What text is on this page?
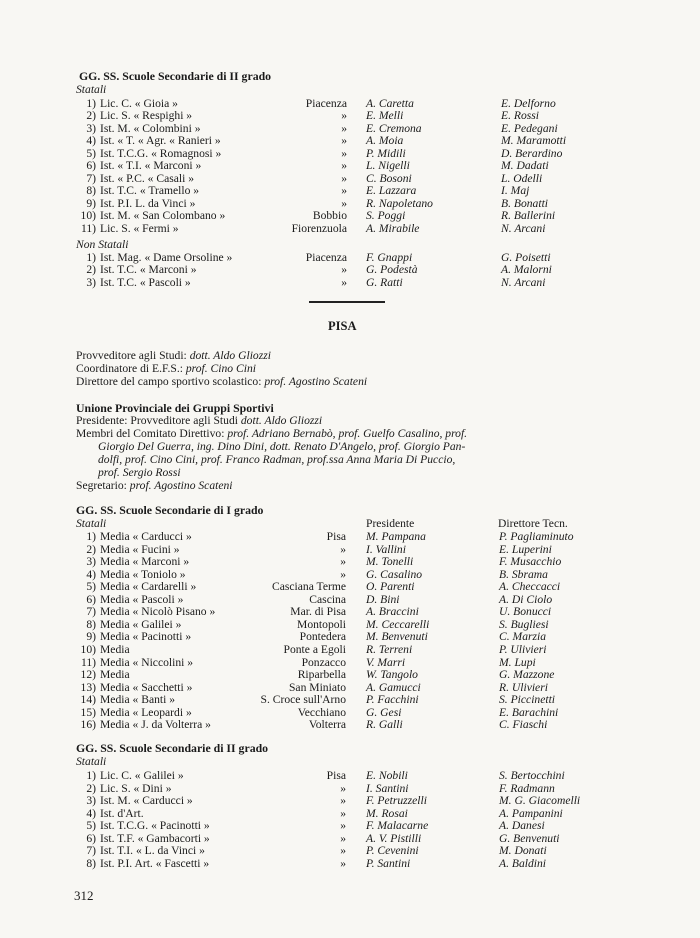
GG. SS. Scuole Secondarie di II grado
Statali
1) Lic. C. « Gioia »	Piacenza A. Caretta	E. Delforno
2) Lic. S. « Respighi »	» E. Melli	E. Rossi
3) Ist. M. « Colombini »	» E. Cremona	E. Pedegani
4) Ist. « T. « Agr. « Ranieri »	» A. Moia	M. Maramotti
5) Ist. T.C.G. « Romagnosi »	» P. Midili	D. Berardino
6) Ist. « T.I. « Marconi »	» L. Nigelli	M. Dadati
7) Ist. « P.C. « Casali »	» C. Bosoni	L. Odelli
8) Ist. T.C. « Tramello »	» E. Lazzara	I. Maj
9) Ist. P.I. L. da Vinci »	» R. Napoletano	B. Bonatti
10) Ist. M. « San Colombano »	Bobbio S. Poggi	R. Ballerini
11) Lic. S. « Fermi »	Fiorenzuola A. Mirabile	N. Arcani
Non Statali
1) Ist. Mag. « Dame Orsoline »	Piacenza F. Gnappi	G. Poisetti
2) Ist. T.C. « Marconi »	» G. Podestà	A. Malorni
3) Ist. T.C. « Pascoli »	» G. Ratti	N. Arcani
PISA
Provveditore agli Studi: dott. Aldo Gliozzi
Coordinatore di E.F.S.: prof. Cino Cini
Direttore del campo sportivo scolastico: prof. Agostino Scateni
Unione Provinciale dei Gruppi Sportivi
Presidente: Provveditore agli Studi dott. Aldo Gliozzi
Membri del Comitato Direttivo: prof. Adriano Bernabò, prof. Guelfo Casalino, prof.
Giorgio Del Guerra, ing. Dino Dini, dott. Renato D'Angelo, prof. Giorgio Pan-
dolfi, prof. Cino Cini, prof. Franco Radman, prof.ssa Anna Maria Di Puccio,
prof. Sergio Rossi
Segretario: prof. Agostino Scateni
GG. SS. Scuole Secondarie di I grado
Statali	Presidente	Direttore Tecn.
1) Media « Carducci »	Pisa M. Pampana	P. Pagliaminuto
2) Media « Fucini »	» I. Vallini	E. Luperini
3) Media « Marconi »	» M. Tonelli	F. Musacchio
4) Media « Toniolo »	» G. Casalino	B. Sbrama
5) Media « Cardarelli »	Casciana Terme O. Parenti	A. Checcacci
6) Media « Pascoli »	Cascina D. Bini	A. Di Ciolo
7) Media « Nicolò Pisano »	Mar. di Pisa A. Braccini	U. Bonucci
8) Media « Galilei »	Montopoli M. Ceccarelli	S. Bugliesi
9) Media « Pacinotti »	Pontedera M. Benvenuti	C. Marzia
10) Media	Ponte a Egoli R. Terreni	P. Ulivieri
11) Media « Niccolini »	Ponzacco V. Marri	M. Lupi
12) Media	Riparbella W. Tangolo	G. Mazzone
13) Media « Sacchetti »	San Miniato A. Gamucci	R. Ulivieri
14) Media « Banti »	S. Croce sull'Arno P. Facchini	S. Piccinetti
15) Media « Leopardi »	Vecchiano G. Gesi	E. Barachini
16) Media « J. da Volterra »	Volterra R. Galli	C. Fiaschi
GG. SS. Scuole Secondarie di II grado
Statali
1) Lic. C. « Galilei »	Pisa E. Nobili	S. Bertocchini
2) Lic. S. « Dini »	» I. Santini	F. Radmann
3) Ist. M. « Carducci »	» F. Petruzzelli	M. G. Giacomelli
4) Ist. d'Art.	» M. Rosai	A. Pampanini
5) Ist. T.C.G. « Pacinotti »	» F. Malacarne	A. Danesi
6) Ist. T.F. « Gambacorti »	» A. V. Pistilli	G. Benvenuti
7) Ist. T.I. « L. da Vinci »	» P. Cevenini	M. Donati
8) Ist. P.I. Art. « Fascetti »	» P. Santini	A. Baldini
312
